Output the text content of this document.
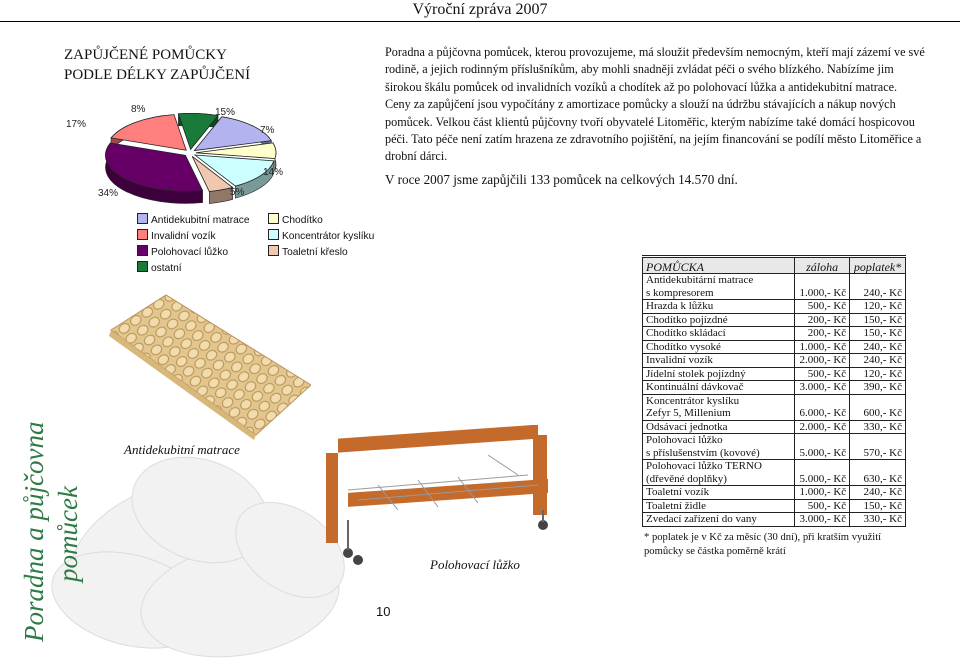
Výroční zpráva 2007
ZAPŮJČENÉ POMŮCKY
PODLE DÉLKY ZAPŮJČENÍ
17%
8%	15%
7%
14%
5%
34%
Poradna a půjčovna pomůcek, kterou provozujeme, má sloužit především nemocným, kteří mají zázemí ve své rodině, a jejich rodinným příslušníkům, aby mohli snadněji zvládat péči o svého blízkého. Nabízíme jim širokou škálu pomůcek od invalidních vozíků a chodítek až po polohovací lůžka a antidekubitní matrace. Ceny za zapůjčení jsou vypočítány z amortizace pomůcky a slouží na údržbu stávajících a nákup nových pomůcek. Velkou část klientů půjčovny tvoří obyvatelé Litoměřic, kterým nabízíme také domácí hospicovou péči. Tato péče není zatím hrazena ze zdravotního pojištění, na jejím financování se podílí město Litoměřice a drobní dárci.
V roce 2007 jsme zapůjčili 133 pomůcek na celkových 14.570 dní.
Antidekubitní matrace	Chodítko
Invalidní vozík	Koncentrátor kyslíku
Polohovací lůžko	Toaletní křeslo
ostatní
Poradna a půjčovna pomůcek
Antidekubitní matrace
Polohovací lůžko
10
POMŮCKA	záloha	poplatek*
Antidekubitární matrace
s kompresorem	1.000,- Kč	240,- Kč
Hrazda k lůžku	500,- Kč	120,- Kč
Chodítko pojízdné	200,- Kč	150,- Kč
Chodítko skládací	200,- Kč	150,- Kč
Chodítko vysoké	1.000,- Kč	240,- Kč
Invalidní vozík	2.000,- Kč	240,- Kč
Jídelní stolek pojízdný	500,- Kč	120,- Kč
Kontinuální dávkovač	3.000,- Kč	390,- Kč
Koncentrátor kyslíku
Zefyr 5, Millenium	6.000,- Kč	600,- Kč
Odsávací jednotka	2.000,- Kč	330,- Kč
Polohovací lůžko
s příslušenstvím (kovové)	5.000,- Kč	570,- Kč
Polohovací lůžko TERNO
(dřevěné doplňky)	5.000,- Kč	630,- Kč
Toaletní vozík	1.000,- Kč	240,- Kč
Toaletní židle	500,- Kč	150,- Kč
Zvedací zařízení do vany	3.000,- Kč	330,- Kč
* poplatek je v Kč za měsíc (30 dní), při kratším využití pomůcky se částka poměrně krátí
